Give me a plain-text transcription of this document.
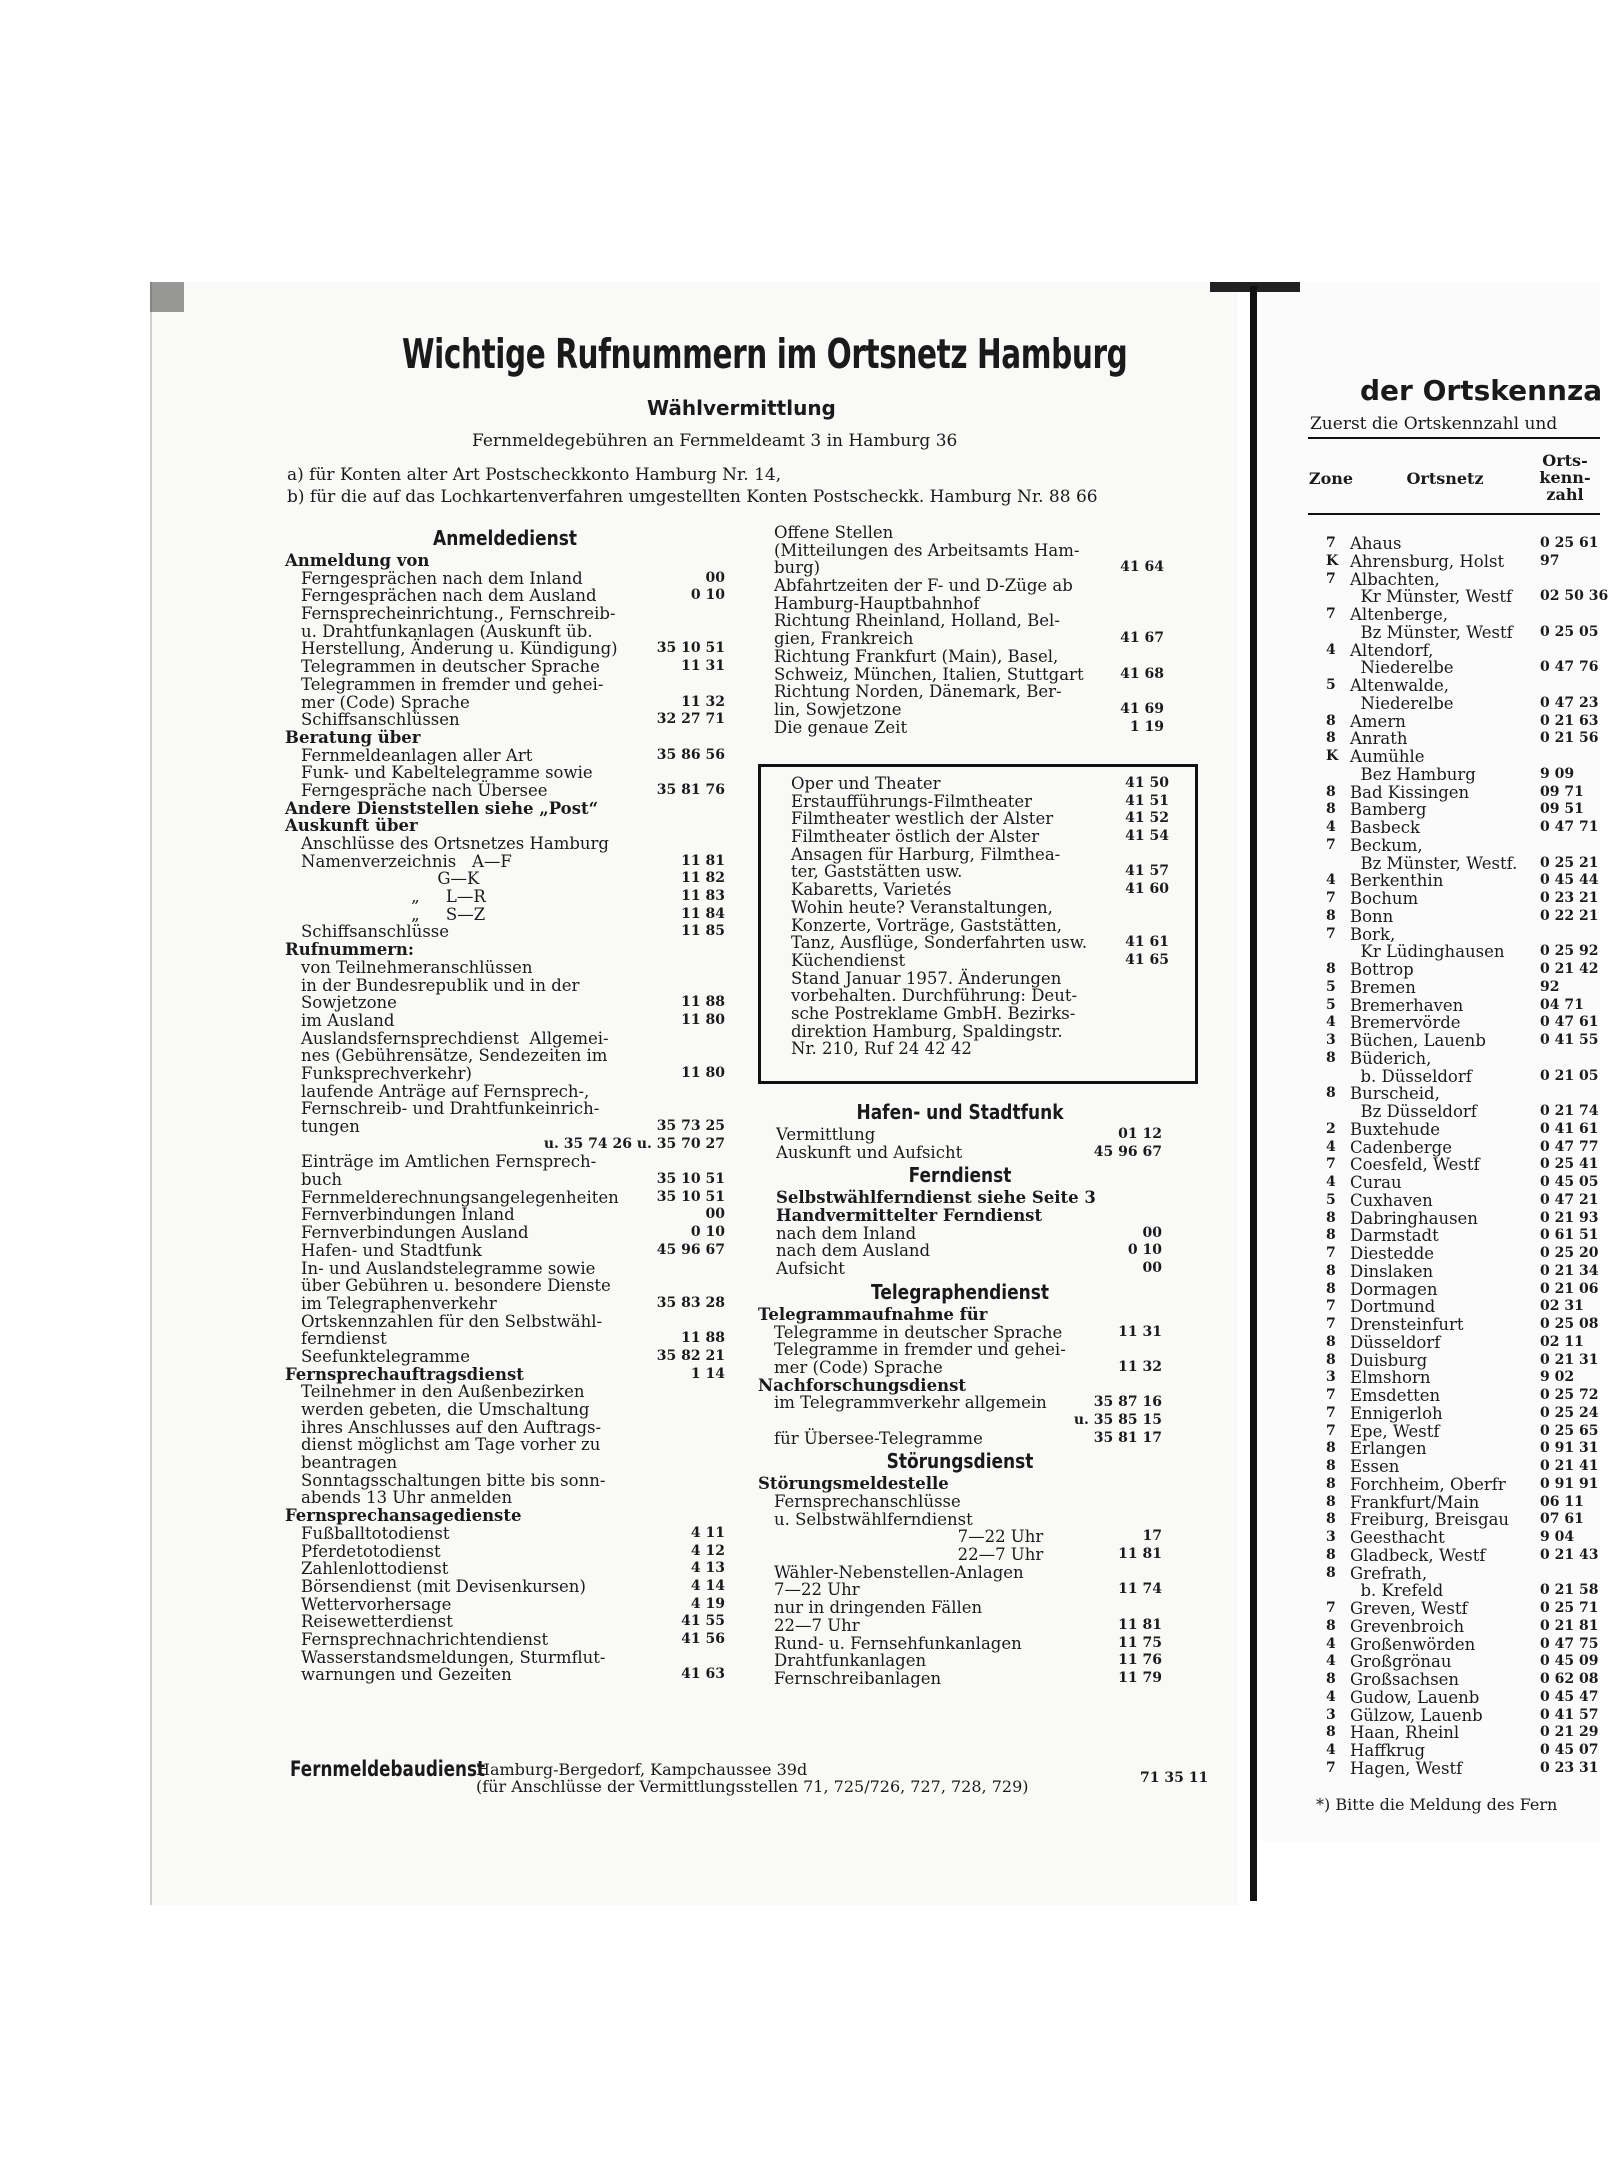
Wichtige Rufnummern im Ortsnetz Hamburg
Wählvermittlung
Fernmeldegebühren an Fernmeldeamt 3 in Hamburg 36
a) für Konten alter Art Postscheckkonto Hamburg Nr. 14,
b) für die auf das Lochkartenverfahren umgestellten Konten Postscheckk. Hamburg Nr. 88 66
Anmeldedienst
Anmeldung von
Ferngesprächen nach dem Inland	00
Ferngesprächen nach dem Ausland	0 10
Fernsprecheinrichtung., Fernschreib-
u. Drahtfunkanlagen (Auskunft üb.
Herstellung, Änderung u. Kündigung)	35 10 51
Telegrammen in deutscher Sprache	11 31
Telegrammen in fremder und gehei-
mer (Code) Sprache	11 32
Schiffsanschlüssen	32 27 71
Beratung über
Fernmeldeanlagen aller Art	35 86 56
Funk- und Kabeltelegramme sowie
Ferngespräche nach Übersee	35 81 76
Andere Dienststellen siehe „Post“
Auskunft über
Anschlüsse des Ortsnetzes Hamburg
Namenverzeichnis   A—F	11 81
G—K	11 82
„     L—R	11 83
„     S—Z	11 84
Schiffsanschlüsse	11 85
Rufnummern:
von Teilnehmeranschlüssen
in der Bundesrepublik und in der
Sowjetzone	11 88
im Ausland	11 80
Auslandsfernsprechdienst  Allgemei-
nes (Gebührensätze, Sendezeiten im
Funksprechverkehr)	11 80
laufende Anträge auf Fernsprech-,
Fernschreib- und Drahtfunkeinrich-
tungen	35 73 25
u. 35 74 26 u. 35 70 27
Einträge im Amtlichen Fernsprech-
buch	35 10 51
Fernmelderechnungsangelegenheiten	35 10 51
Fernverbindungen Inland	00
Fernverbindungen Ausland	0 10
Hafen- und Stadtfunk	45 96 67
In- und Auslandstelegramme sowie
über Gebühren u. besondere Dienste
im Telegraphenverkehr	35 83 28
Ortskennzahlen für den Selbstwähl-
ferndienst	11 88
Seefunktelegramme	35 82 21
Fernsprechauftragsdienst	1 14
Teilnehmer in den Außenbezirken
werden gebeten, die Umschaltung
ihres Anschlusses auf den Auftrags-
dienst möglichst am Tage vorher zu
beantragen
Sonntagsschaltungen bitte bis sonn-
abends 13 Uhr anmelden
Fernsprechansagedienste
Fußballtotodienst	4 11
Pferdetotodienst	4 12
Zahlenlottodienst	4 13
Börsendienst (mit Devisenkursen)	4 14
Wettervorhersage	4 19
Reisewetterdienst	41 55
Fernsprechnachrichtendienst	41 56
Wasserstandsmeldungen, Sturmflut-
warnungen und Gezeiten	41 63
Offene Stellen
(Mitteilungen des Arbeitsamts Ham-
burg)	41 64
Abfahrtzeiten der F- und D-Züge ab
Hamburg-Hauptbahnhof
Richtung Rheinland, Holland, Bel-
gien, Frankreich	41 67
Richtung Frankfurt (Main), Basel,
Schweiz, München, Italien, Stuttgart	41 68
Richtung Norden, Dänemark, Ber-
lin, Sowjetzone	41 69
Die genaue Zeit	1 19
Oper und Theater	41 50
Erstaufführungs-Filmtheater	41 51
Filmtheater westlich der Alster	41 52
Filmtheater östlich der Alster	41 54
Ansagen für Harburg, Filmthea-
ter, Gaststätten usw.	41 57
Kabaretts, Varietés	41 60
Wohin heute? Veranstaltungen,
Konzerte, Vorträge, Gaststätten,
Tanz, Ausflüge, Sonderfahrten usw.	41 61
Küchendienst	41 65
Stand Januar 1957. Änderungen
vorbehalten. Durchführung: Deut-
sche Postreklame GmbH. Bezirks-
direktion Hamburg, Spaldingstr.
Nr. 210, Ruf 24 42 42
Hafen- und Stadtfunk
Vermittlung	01 12
Auskunft und Aufsicht	45 96 67
Ferndienst
Selbstwählferndienst siehe Seite 3
Handvermittelter Ferndienst
nach dem Inland	00
nach dem Ausland	0 10
Aufsicht	00
Telegraphendienst
Telegrammaufnahme für
Telegramme in deutscher Sprache	11 31
Telegramme in fremder und gehei-
mer (Code) Sprache	11 32
Nachforschungsdienst
im Telegrammverkehr allgemein	35 87 16
u. 35 85 15
für Übersee-Telegramme	35 81 17
Störungsdienst
Störungsmeldestelle
Fernsprechanschlüsse
u. Selbstwählferndienst
7—22 Uhr	17
22—7 Uhr	11 81
Wähler-Nebenstellen-Anlagen
7—22 Uhr	11 74
nur in dringenden Fällen
22—7 Uhr	11 81
Rund- u. Fernsehfunkanlagen	11 75
Drahtfunkanlagen	11 76
Fernschreibanlagen	11 79
Fernmeldebaudienst
Hamburg-Bergedorf, Kampchaussee 39d
(für Anschlüsse der Vermittlungsstellen 71, 725/726, 727, 728, 729)	71 35 11
der Ortskennza
Zuerst die Ortskennzahl und
Zone	Ortsnetz
Orts-
kenn-
zahl
7 Ahaus	0 25 61
K Ahrensburg, Holst	97
7 Albachten,
Kr Münster, Westf 02 50 36
7 Altenberge,
Bz Münster, Westf 0 25 05
4 Altendorf,
Niederelbe	0 47 76
5 Altenwalde,
Niederelbe	0 47 23
8 Amern	0 21 63
8 Anrath	0 21 56
K Aumühle
Bez Hamburg	9 09
8 Bad Kissingen	09 71
8 Bamberg	09 51
4 Basbeck	0 47 71
7 Beckum,
Bz Münster, Westf. 0 25 21
4 Berkenthin	0 45 44
7 Bochum	0 23 21
8 Bonn	0 22 21
7 Bork,
Kr Lüdinghausen	0 25 92
8 Bottrop	0 21 42
5 Bremen	92
5 Bremerhaven	04 71
4 Bremervörde	0 47 61
3 Büchen, Lauenb	0 41 55
8 Büderich,
b. Düsseldorf	0 21 05
8 Burscheid,
Bz Düsseldorf	0 21 74
2 Buxtehude	0 41 61
4 Cadenberge	0 47 77
7 Coesfeld, Westf	0 25 41
4 Curau	0 45 05
5 Cuxhaven	0 47 21
8 Dabringhausen	0 21 93
8 Darmstadt	0 61 51
7 Diestedde	0 25 20
8 Dinslaken	0 21 34
8 Dormagen	0 21 06
7 Dortmund	02 31
7 Drensteinfurt	0 25 08
8 Düsseldorf	02 11
8 Duisburg	0 21 31
3 Elmshorn	9 02
7 Emsdetten	0 25 72
7 Ennigerloh	0 25 24
7 Epe, Westf	0 25 65
8 Erlangen	0 91 31
8 Essen	0 21 41
8 Forchheim, Oberfr 0 91 91
8 Frankfurt/Main	06 11
8 Freiburg, Breisgau 07 61
3 Geesthacht	9 04
8 Gladbeck, Westf	0 21 43
8 Grefrath,
b. Krefeld	0 21 58
7 Greven, Westf	0 25 71
8 Grevenbroich	0 21 81
4 Großenwörden	0 47 75
4 Großgrönau	0 45 09
8 Großsachsen	0 62 08
4 Gudow, Lauenb	0 45 47
3 Gülzow, Lauenb	0 41 57
8 Haan, Rheinl	0 21 29
4 Haffkrug	0 45 07
7 Hagen, Westf	0 23 31
*) Bitte die Meldung des Fern
